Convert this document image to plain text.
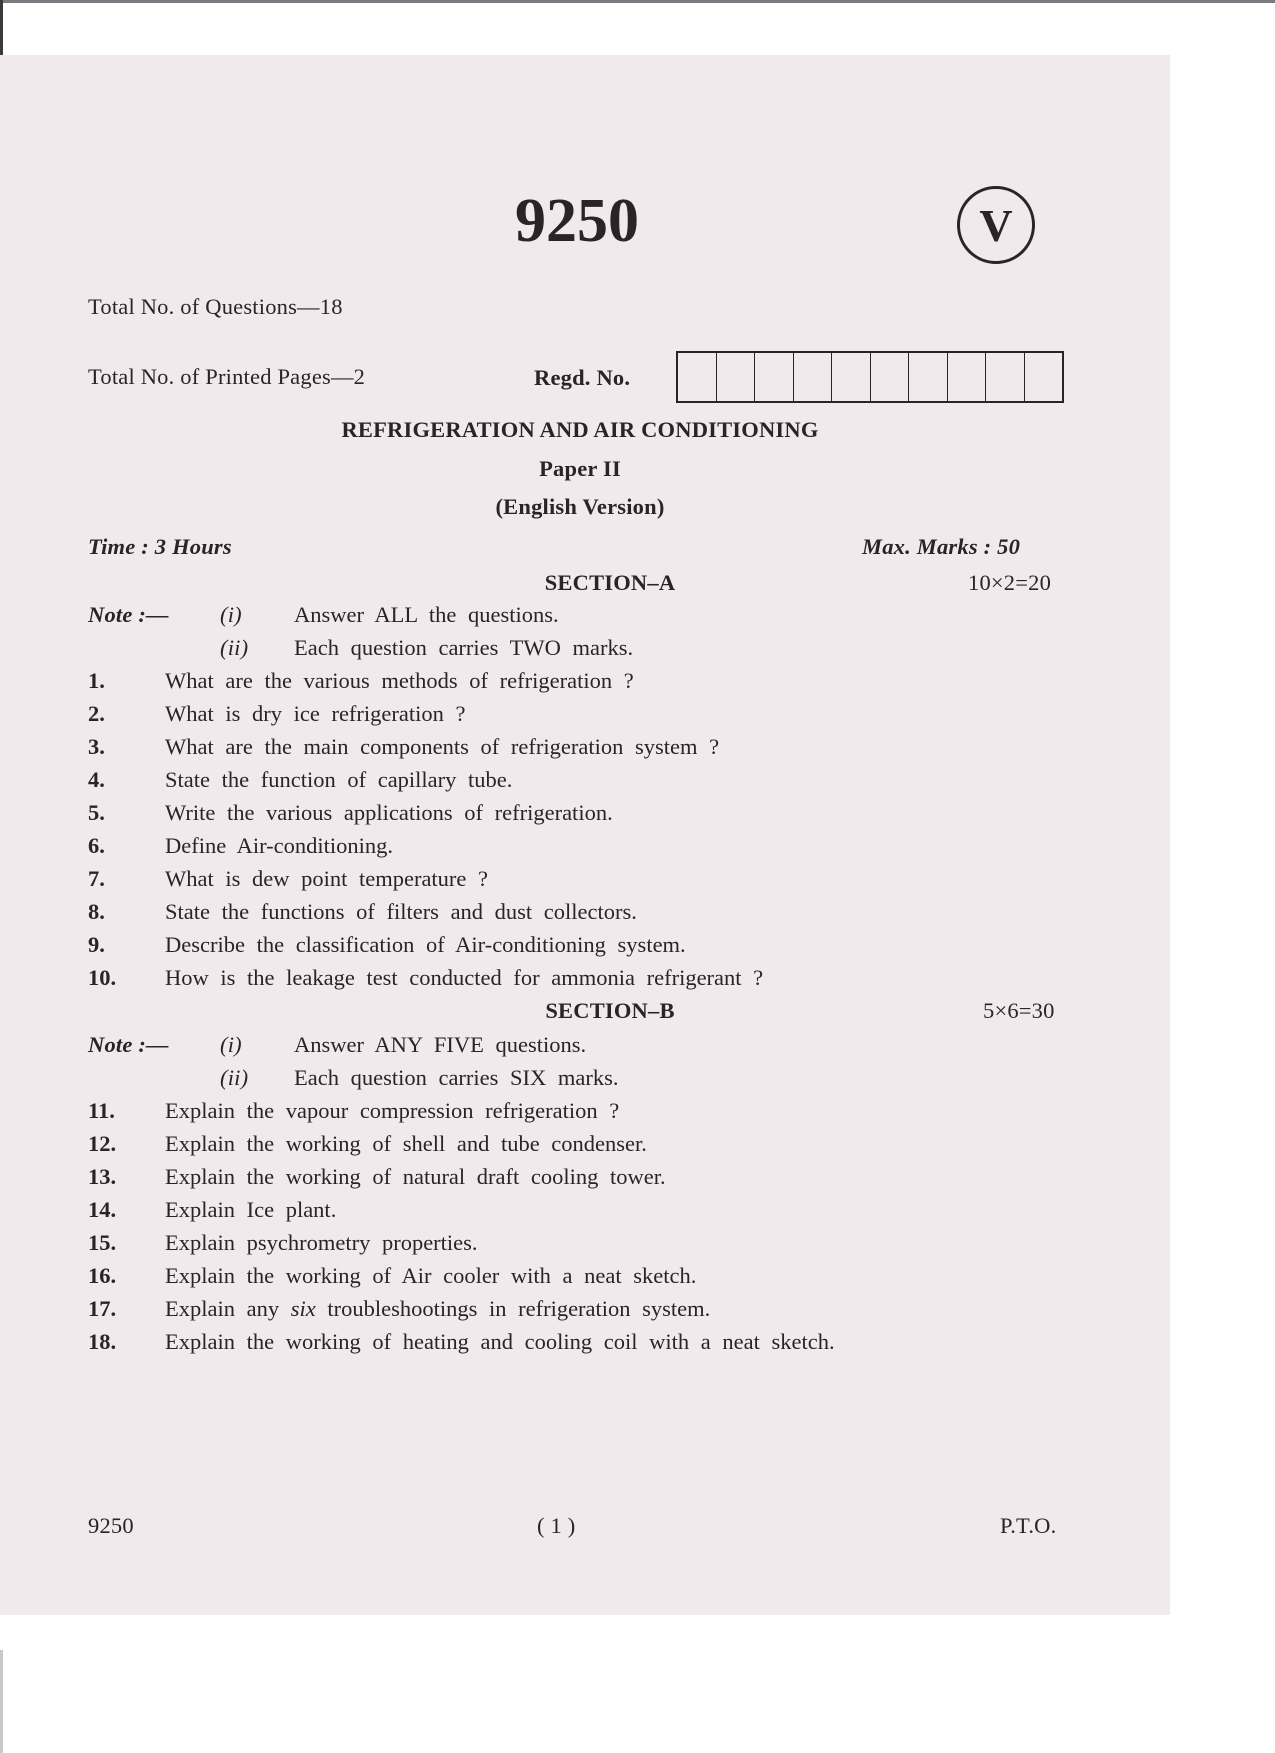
9250	V
Total No. of Questions—18
Total No. of Printed Pages—2	Regd. No.
REFRIGERATION AND AIR CONDITIONING
Paper II
(English Version)
Time : 3 Hours	Max. Marks : 50
SECTION–A	10×2=20
Note :— (i) Answer ALL the questions.
(ii) Each question carries TWO marks.
1.	What are the various methods of refrigeration ?
2.	What is dry ice refrigeration ?
3.	What are the main components of refrigeration system ?
4.	State the function of capillary tube.
5.	Write the various applications of refrigeration.
6.	Define Air-conditioning.
7.	What is dew point temperature ?
8.	State the functions of filters and dust collectors.
9.	Describe the classification of Air-conditioning system.
10. How is the leakage test conducted for ammonia refrigerant ?
SECTION–B	5×6=30
Note :— (i) Answer ANY FIVE questions.
(ii) Each question carries SIX marks.
11. Explain the vapour compression refrigeration ?
12. Explain the working of shell and tube condenser.
13. Explain the working of natural draft cooling tower.
14. Explain Ice plant.
15. Explain psychrometry properties.
16. Explain the working of Air cooler with a neat sketch.
17. Explain any six troubleshootings in refrigeration system.
18. Explain the working of heating and cooling coil with a neat sketch.
9250	( 1 )	P.T.O.
